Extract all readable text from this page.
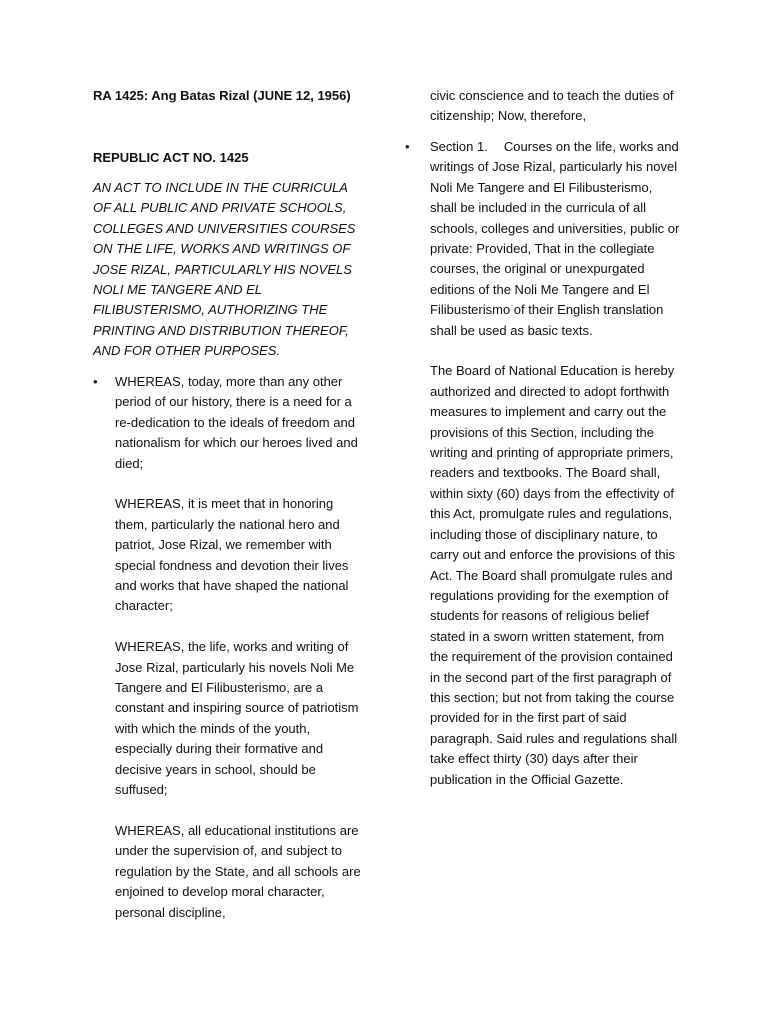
RA 1425: Ang Batas Rizal (JUNE 12, 1956)

REPUBLIC ACT NO. 1425

AN ACT TO INCLUDE IN THE CURRICULA OF ALL PUBLIC AND PRIVATE SCHOOLS, COLLEGES AND UNIVERSITIES COURSES ON THE LIFE, WORKS AND WRITINGS OF JOSE RIZAL, PARTICULARLY HIS NOVELS NOLI ME TANGERE AND EL FILIBUSTERISMO, AUTHORIZING THE PRINTING AND DISTRIBUTION THEREOF, AND FOR OTHER PURPOSES.

• WHEREAS, today, more than any other period of our history, there is a need for a re-dedication to the ideals of freedom and nationalism for which our heroes lived and died;

WHEREAS, it is meet that in honoring them, particularly the national hero and patriot, Jose Rizal, we remember with special fondness and devotion their lives and works that have shaped the national character;

WHEREAS, the life, works and writing of Jose Rizal, particularly his novels Noli Me Tangere and El Filibusterismo, are a constant and inspiring source of patriotism with which the minds of the youth, especially during their formative and decisive years in school, should be suffused;

WHEREAS, all educational institutions are under the supervision of, and subject to regulation by the State, and all schools are enjoined to develop moral character, personal discipline,

civic conscience and to teach the duties of citizenship; Now, therefore,

• Section 1. Courses on the life, works and writings of Jose Rizal, particularly his novel Noli Me Tangere and El Filibusterismo, shall be included in the curricula of all schools, colleges and universities, public or private: Provided, That in the collegiate courses, the original or unexpurgated editions of the Noli Me Tangere and El Filibusterismo of their English translation shall be used as basic texts.

The Board of National Education is hereby authorized and directed to adopt forthwith measures to implement and carry out the provisions of this Section, including the writing and printing of appropriate primers, readers and textbooks. The Board shall, within sixty (60) days from the effectivity of this Act, promulgate rules and regulations, including those of disciplinary nature, to carry out and enforce the provisions of this Act. The Board shall promulgate rules and regulations providing for the exemption of students for reasons of religious belief stated in a sworn written statement, from the requirement of the provision contained in the second part of the first paragraph of this section; but not from taking the course provided for in the first part of said paragraph. Said rules and regulations shall take effect thirty (30) days after their publication in the Official Gazette.
